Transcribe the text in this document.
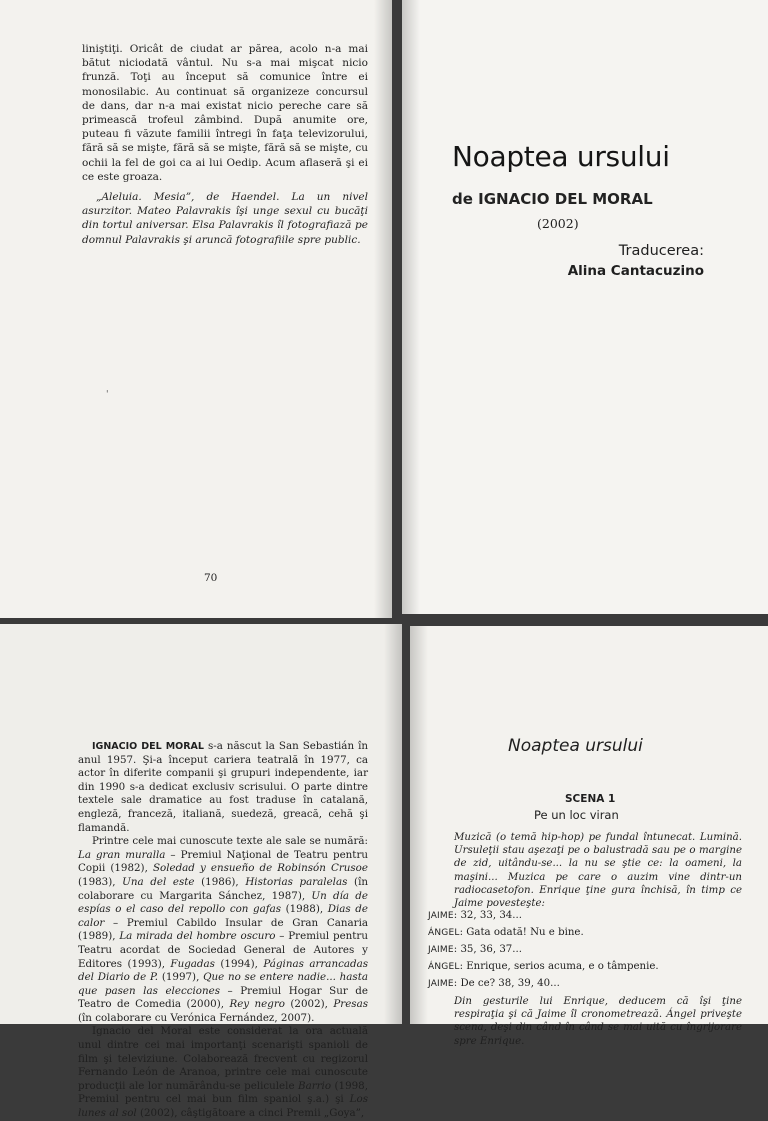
liniştiţi. Oricât de ciudat ar părea, acolo n-a mai bătut niciodată vântul. Nu s-a mai mişcat nicio frunză. Toţi au început să comunice între ei monosilabic. Au continuat să organizeze concursul de dans, dar n-a mai existat nicio pereche care să primească trofeul zâmbind. După anumite ore, puteau fi văzute familii întregi în faţa televizorului, fără să se mişte, fără să se mişte, fără să se mişte, cu ochii la fel de goi ca ai lui Oedip. Acum aflaseră şi ei ce este groaza.

„Aleluia. Mesia”, de Haendel. La un nivel asurzitor. Mateo Palavrakis îşi unge sexul cu bucăţi din tortul aniversar. Elsa Palavrakis îl fotografiază pe domnul Palavrakis şi aruncă fotografiile spre public.

'
70
Noaptea ursului
de IGNACIO DEL MORAL
(2002)
Traducerea:
Alina Cantacuzino

IGNACIO DEL MORAL s-a născut la San Sebastián în anul 1957. Şi-a început cariera teatrală în 1977, ca actor în diferite companii şi grupuri independente, iar din 1990 s-a dedicat exclusiv scrisului. O parte dintre textele sale dramatice au fost traduse în catalană, engleză, franceză, italiană, suedeză, greacă, cehă şi flamandă.

Printre cele mai cunoscute texte ale sale se numără: La gran muralla – Premiul Naţional de Teatru pentru Copii (1982), Soledad y ensueño de Robinsón Crusoe (1983), Una del este (1986), Historias paralelas (în colaborare cu Margarita Sánchez, 1987), Un día de espías o el caso del repollo con gafas (1988), Dias de calor – Premiul Cabildo Insular de Gran Canaria (1989), La mirada del hombre oscuro – Premiul pentru Teatru acordat de Sociedad General de Autores y Editores (1993), Fugadas (1994), Páginas arrancadas del Diario de P. (1997), Que no se entere nadie... hasta que pasen las elecciones – Premiul Hogar Sur de Teatro de Comedia (2000), Rey negro (2002), Presas (în colaborare cu Verónica Fernández, 2007).

Ignacio del Moral este considerat la ora actuală unul dintre cei mai importanţi scenarişti spanioli de film şi televiziune. Colaborează frecvent cu regizorul Fernando León de Aranoa, printre cele mai cunoscute producţii ale lor numărându-se peliculele Barrio (1998, Premiul pentru cel mai bun film spaniol ş.a.) şi Los lunes al sol (2002), câştigătoare a cinci Premii „Goya”,

Noaptea ursului
SCENA 1
Pe un loc viran
Muzică (o temă hip-hop) pe fundal întunecat. Lumină. Ursuleţii stau aşezaţi pe o balustradă sau pe o margine de zid, uitându-se... la nu se ştie ce: la oameni, la maşini... Muzica pe care o auzim vine dintr-un radiocasetofon. Enrique ţine gura închisă, în timp ce Jaime povesteşte:
JAIME: 32, 33, 34...
ÁNGEL: Gata odată! Nu e bine.
JAIME: 35, 36, 37...
ÁNGEL: Enrique, serios acuma, e o tâmpenie.
JAIME: De ce? 38, 39, 40...
Din gesturile lui Enrique, deducem că îşi ţine respiraţia şi că Jaime îl cronometrează. Ángel priveşte scena, deşi din când în când se mai uită cu îngrijorare spre Enrique.
